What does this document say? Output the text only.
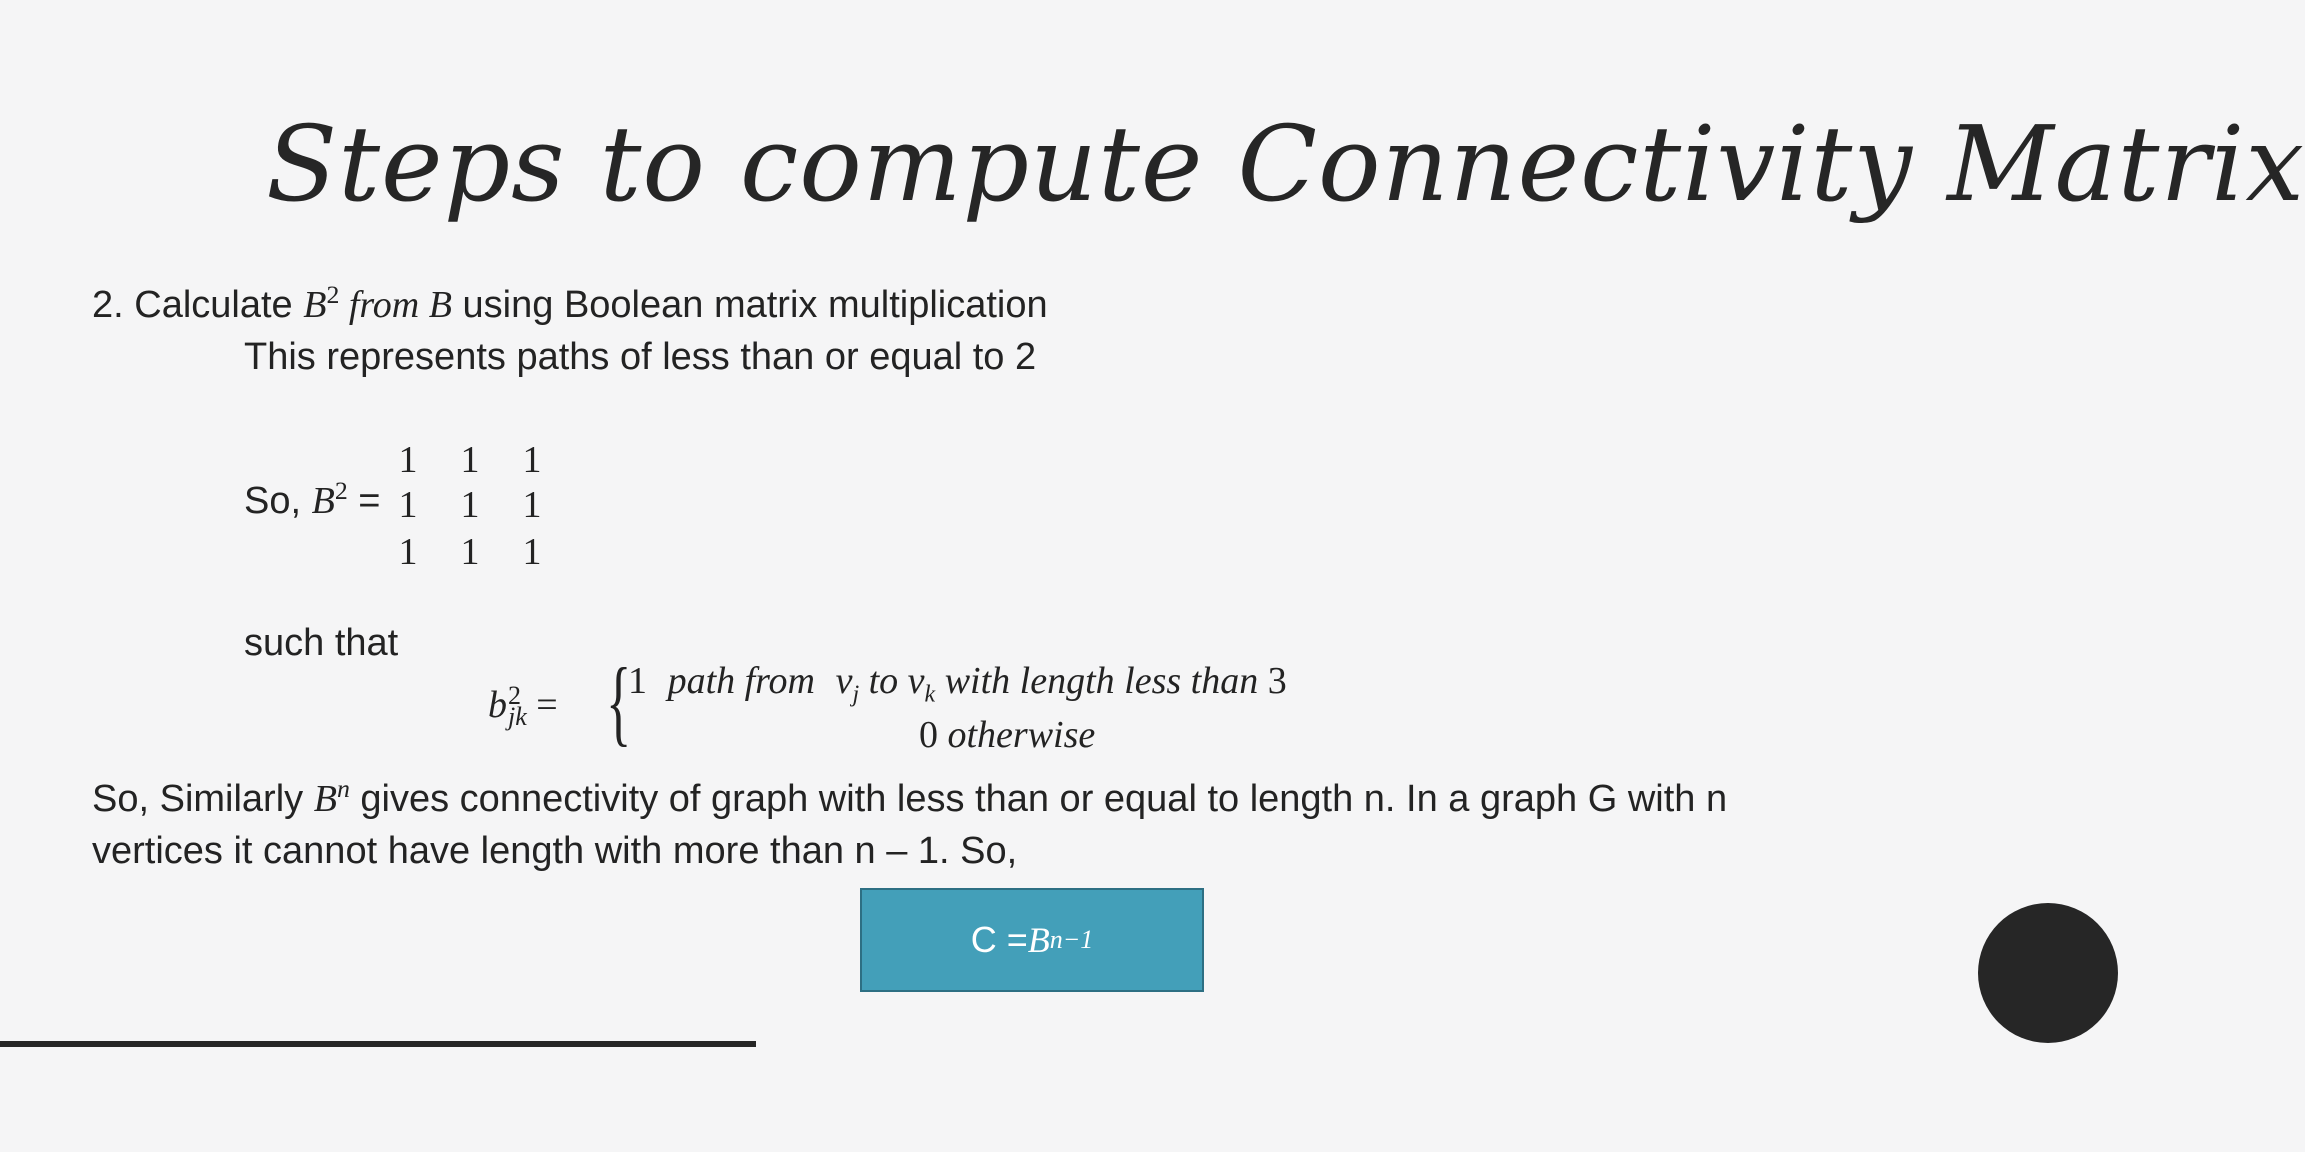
Steps to compute Connectivity Matrix
2. Calculate $B^2$ from B using Boolean matrix multiplication
This represents paths of less than or equal to 2
So, $B^2$ =
1 1 1
1 1 1
1 1 1
such that
b 2
jk = {
1 path from $v_j$ to $v_k$ with length less than 3
0 otherwise
So, Similarly $B^n$ gives connectivity of graph with less than or equal to length n. In a graph G with n
vertices it cannot have length with more than n – 1. So,
C = B n−1
